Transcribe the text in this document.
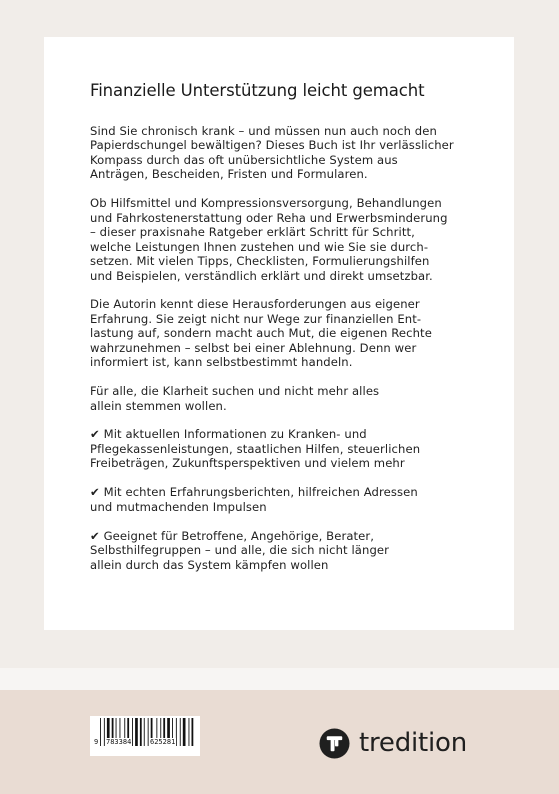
Finanzielle Unterstützung leicht gemacht

Sind Sie chronisch krank – und müssen nun auch noch den
Papierdschungel bewältigen? Dieses Buch ist Ihr verlässlicher
Kompass durch das oft unübersichtliche System aus
Anträgen, Bescheiden, Fristen und Formularen.

Ob Hilfsmittel und Kompressionsversorgung, Behandlungen
und Fahrkostenerstattung oder Reha und Erwerbsminderung
– dieser praxisnahe Ratgeber erklärt Schritt für Schritt,
welche Leistungen Ihnen zustehen und wie Sie sie durch-
setzen. Mit vielen Tipps, Checklisten, Formulierungshilfen
und Beispielen, verständlich erklärt und direkt umsetzbar.

Die Autorin kennt diese Herausforderungen aus eigener
Erfahrung. Sie zeigt nicht nur Wege zur finanziellen Ent-
lastung auf, sondern macht auch Mut, die eigenen Rechte
wahrzunehmen – selbst bei einer Ablehnung. Denn wer
informiert ist, kann selbstbestimmt handeln.

Für alle, die Klarheit suchen und nicht mehr alles
allein stemmen wollen.

✔ Mit aktuellen Informationen zu Kranken- und
Pflegekassenleistungen, staatlichen Hilfen, steuerlichen
Freibeträgen, Zukunftsperspektiven und vielem mehr

✔ Mit echten Erfahrungsberichten, hilfreichen Adressen
und mutmachenden Impulsen

✔ Geeignet für Betroffene, Angehörige, Berater,
Selbsthilfegruppen – und alle, die sich nicht länger
allein durch das System kämpfen wollen

9 783384	625281	tredition
